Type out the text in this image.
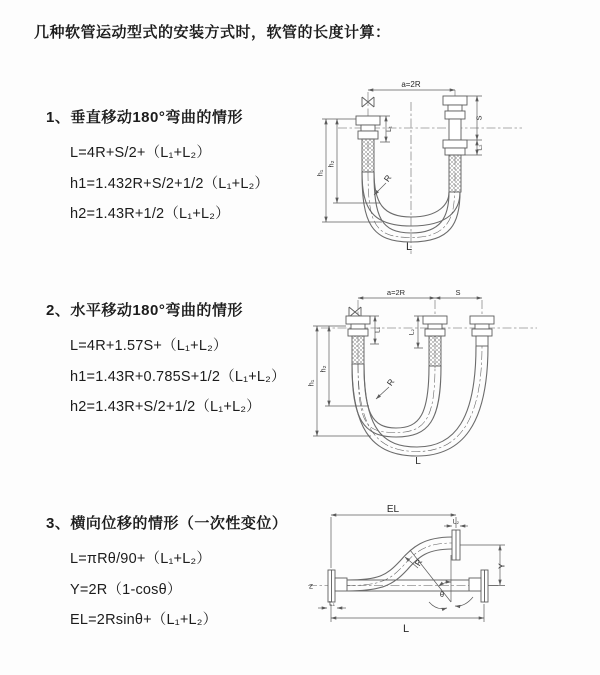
几种软管运动型式的安装方式时，软管的长度计算：
1、垂直移动180°弯曲的情形
L=4R+S/2+（L₁+L₂）
h1=1.432R+S/2+1/2（L₁+L₂）
h2=1.43R+1/2（L₁+L₂）
2、水平移动180°弯曲的情形
L=4R+1.57S+（L₁+L₂）
h1=1.43R+0.785S+1/2（L₁+L₂）
h2=1.43R+S/2+1/2（L₁+L₂）
3、横向位移的情形（一次性变位）
L=πRθ/90+（L₁+L₂）
Y=2R（1-cosθ）
EL=2Rsinθ+（L₁+L₂）
a=2R
h₁
h₂
L₁
S
L₂
R
L
a=2R	S
h₁
h₂
L₁	L₂
R
L
Z
EL
L₂
θ
R	Y
L₁
L
